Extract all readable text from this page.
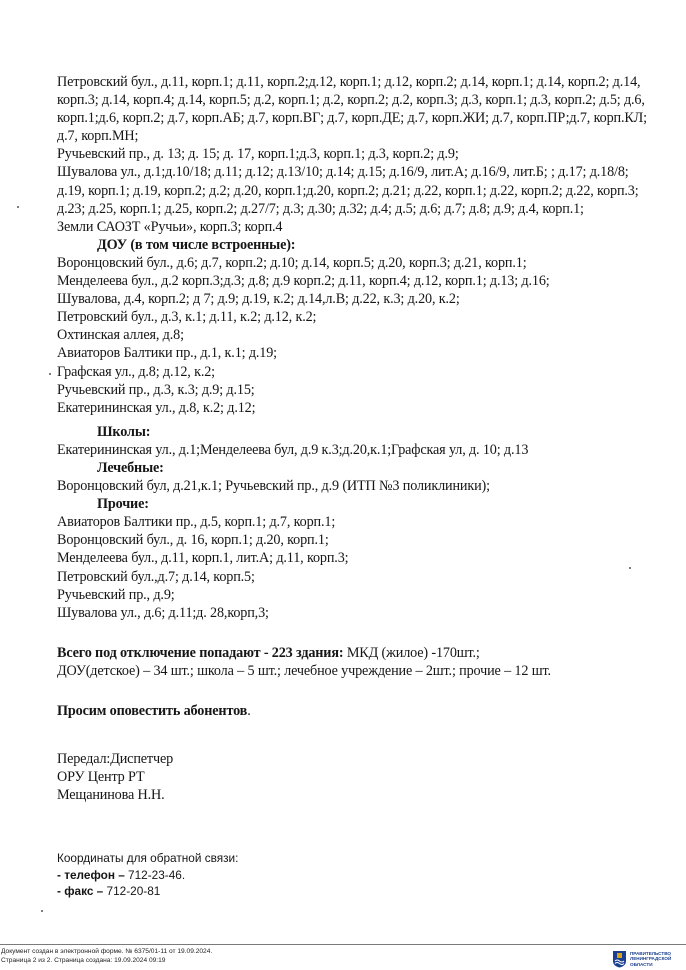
Петровский бул., д.11, корп.1; д.11, корп.2;д.12, корп.1; д.12, корп.2; д.14, корп.1; д.14, корп.2; д.14, корп.3; д.14, корп.4; д.14, корп.5; д.2, корп.1; д.2, корп.2; д.2, корп.3; д.3, корп.1; д.3, корп.2; д.5; д.6, корп.1;д.6, корп.2; д.7, корп.АБ; д.7, корп.ВГ; д.7, корп.ДЕ; д.7, корп.ЖИ; д.7, корп.ПР;д.7, корп.КЛ; д.7, корп.МН;

Ручьевский пр., д. 13; д. 15; д. 17, корп.1;д.3, корп.1; д.3, корп.2; д.9;

Шувалова ул., д.1;д.10/18; д.11; д.12; д.13/10; д.14; д.15; д.16/9, лит.А; д.16/9, лит.Б; ; д.17; д.18/8; д.19, корп.1; д.19, корп.2; д.2; д.20, корп.1;д.20, корп.2; д.21; д.22, корп.1; д.22, корп.2; д.22, корп.3; д.23; д.25, корп.1; д.25, корп.2; д.27/7; д.3; д.30; д.32; д.4; д.5; д.6; д.7; д.8; д.9; д.4, корп.1;

Земли САОЗТ «Ручьи», корп.3; корп.4

ДОУ (в том числе встроенные):

Воронцовский бул., д.6; д.7, корп.2; д.10; д.14, корп.5; д.20, корп.3; д.21, корп.1;

Менделеева бул., д.2 корп.3;д.3; д.8; д.9 корп.2; д.11, корп.4; д.12, корп.1; д.13; д.16;

Шувалова, д.4, корп.2; д 7; д.9; д.19, к.2; д.14,л.В; д.22, к.3; д.20, к.2;

Петровский бул., д.3, к.1; д.11, к.2; д.12, к.2;

Охтинская аллея, д.8;

Авиаторов Балтики пр., д.1, к.1; д.19;

Графская ул., д.8; д.12, к.2;

Ручьевский пр., д.3, к.3; д.9; д.15;

Екатерининская ул., д.8, к.2; д.12;

Школы:

Екатерининская ул., д.1;Менделеева бул, д.9 к.3;д.20,к.1;Графская ул, д. 10; д.13

Лечебные:

Воронцовский бул, д.21,к.1; Ручьевский пр., д.9 (ИТП №3 поликлиники);

Прочие:

Авиаторов Балтики пр., д.5, корп.1; д.7, корп.1;

Воронцовский бул., д. 16, корп.1; д.20, корп.1;

Менделеева бул., д.11, корп.1, лит.А; д.11, корп.3;

Петровский бул.,д.7; д.14, корп.5;

Ручьевский пр., д.9;

Шувалова ул., д.6; д.11;д. 28,корп,3;

Всего под отключение попадают - 223 здания: МКД (жилое) -170шт.;

ДОУ(детское) – 34 шт.; школа – 5 шт.; лечебное учреждение – 2шт.; прочие – 12 шт.

Просим оповестить абонентов.

Передал:Диспетчер

ОРУ Центр РТ

Мещанинова Н.Н.

Координаты для обратной связи:

- телефон – 712-23-46.

- факс – 712-20-81

Документ создан в электронной форме. № 6375/01-11 от 19.09.2024.
Страница 2 из 2. Страница создана: 19.09.2024 09:19
ПРАВИТЕЛЬСТВО
ЛЕНИНГРАДСКОЙ
ОБЛАСТИ
